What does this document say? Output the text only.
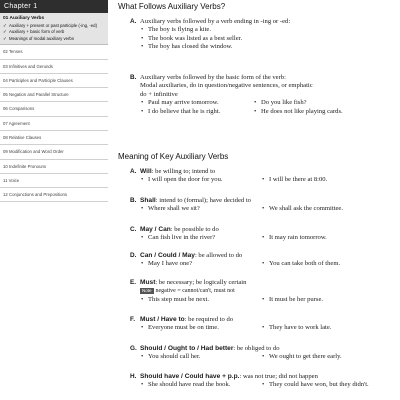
Chapter 1
01 Auxiliary Verbs
✓ Auxiliary + present or past participle (-ing, -ed)
✓ Auxiliary + basic form of verb
✓ Meanings of modal auxiliary verbs
02 Tenses
03 Infinitives and Gerunds
04 Participles and Participle Clauses
05 Negation and Parallel Structure
06 Comparisons
07 Agreement
08 Relative Clauses
09 Modification and Word Order
10 Indefinite Pronouns
11 Voice
12 Conjunctions and Prepositions
What Follows Auxiliary Verbs?
A. Auxiliary verbs followed by a verb ending in -ing or -ed:
• The boy is flying a kite.
• The book was listed as a best seller.
• The boy has closed the window.
B. Auxiliary verbs followed by the basic form of the verb:
Modal auxiliaries, do in question/negative sentences, or emphatic
do + infinitive
• Paul may arrive tomorrow.
• I do believe that he is right.
• Do you like fish?
• He does not like playing cards.
Meaning of Key Auxiliary Verbs
A. Will: be willing to; intend to
• I will open the door for you.	• I will be there at 8:00.
B. Shall: intend to (formal); have decided to
• Where shall we sit?	• We shall ask the committee.
C. May / Can: be possible to do
• Can fish live in the river?	• It may rain tomorrow.
D. Can / Could / May: be allowed to do
• May I have one?	• You can take both of them.
E. Must: be necessary; be logically certain
Note negative = cannot/can't, must not
• This step must be next.	• It must be her purse.
F. Must / Have to: be required to do
• Everyone must be on time.	• They have to work late.
G. Should / Ought to / Had better: be obliged to do
• You should call her.	• We ought to get there early.
H. Should have / Could have + p.p.: was not true; did not happen
• She should have read the book.	• They could have won, but they didn't.
